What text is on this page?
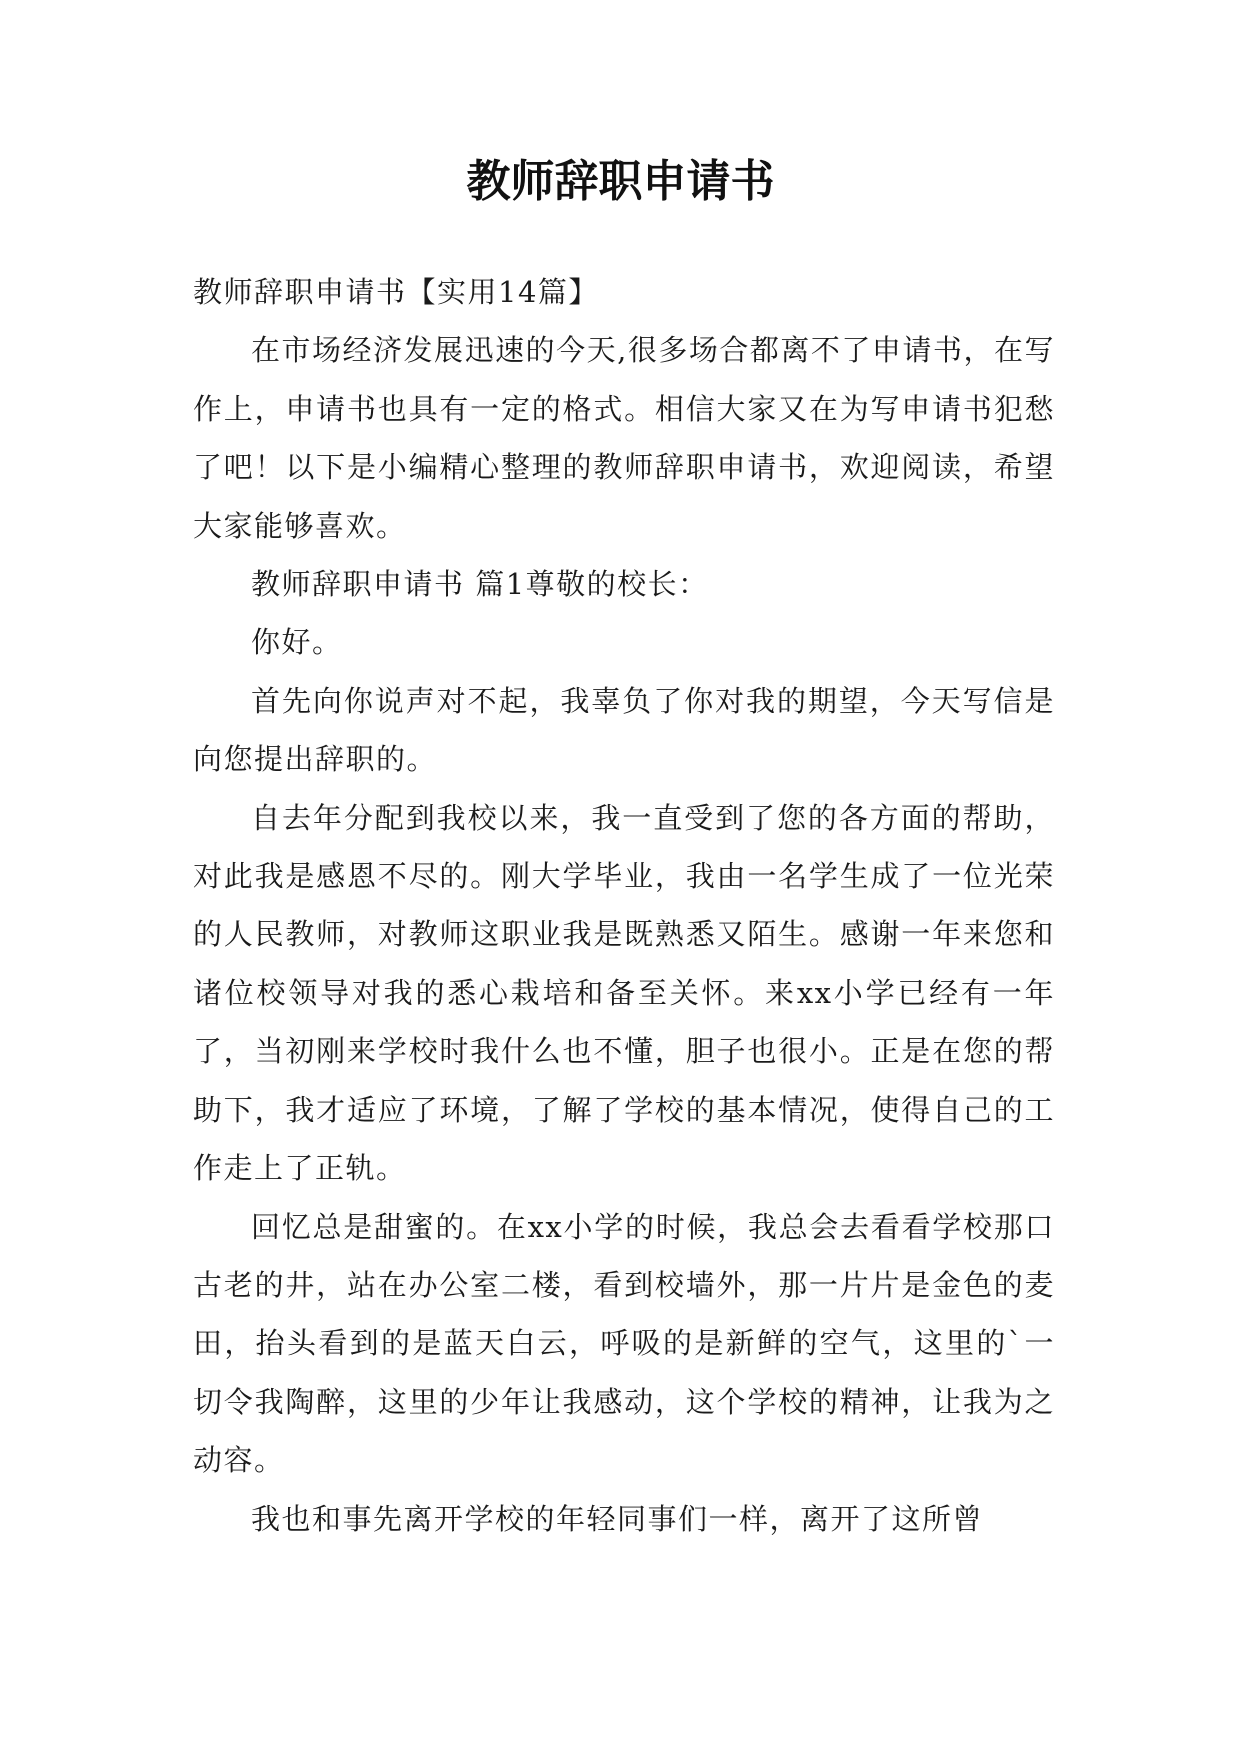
教师辞职申请书

教师辞职申请书【实用14篇】

在市场经济发展迅速的今天,很多场合都离不了申请书，在写作上，申请书也具有一定的格式。相信大家又在为写申请书犯愁了吧！以下是小编精心整理的教师辞职申请书，欢迎阅读，希望大家能够喜欢。

教师辞职申请书 篇1尊敬的校长：

你好。

首先向你说声对不起，我辜负了你对我的期望，今天写信是向您提出辞职的。

自去年分配到我校以来，我一直受到了您的各方面的帮助，对此我是感恩不尽的。刚大学毕业，我由一名学生成了一位光荣的人民教师，对教师这职业我是既熟悉又陌生。感谢一年来您和诸位校领导对我的悉心栽培和备至关怀。来xx小学已经有一年了，当初刚来学校时我什么也不懂，胆子也很小。正是在您的帮助下，我才适应了环境，了解了学校的基本情况，使得自己的工作走上了正轨。

回忆总是甜蜜的。在xx小学的时候，我总会去看看学校那口古老的井，站在办公室二楼，看到校墙外，那一片片是金色的麦田，抬头看到的是蓝天白云，呼吸的是新鲜的空气，这里的`一切令我陶醉，这里的少年让我感动，这个学校的精神，让我为之动容。

我也和事先离开学校的年轻同事们一样，离开了这所曾
